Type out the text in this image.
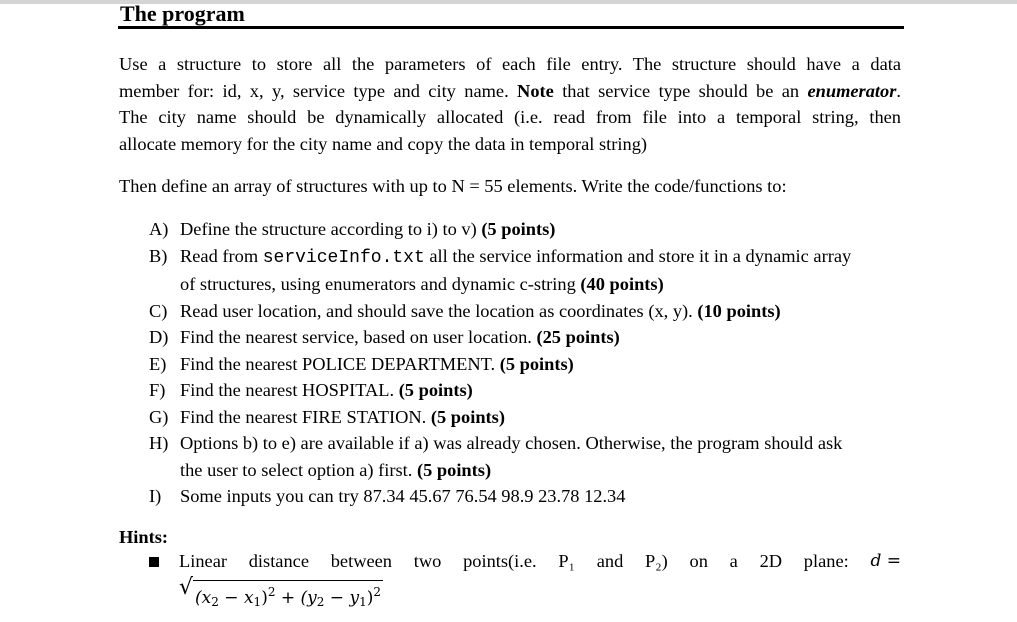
The program
Use a structure to store all the parameters of each file entry. The structure should have a data
member for: id, x, y, service type and city name. Note that service type should be an enumerator.
The city name should be dynamically allocated (i.e. read from file into a temporal string, then
allocate memory for the city name and copy the data in temporal string)
Then define an array of structures with up to N = 55 elements. Write the code/functions to:
A) Define the structure according to i) to v) (5 points)
B) Read from serviceInfo.txt all the service information and store it in a dynamic array
of structures, using enumerators and dynamic c-string (40 points)
C) Read user location, and should save the location as coordinates (x, y). (10 points)
D) Find the nearest service, based on user location. (25 points)
E) Find the nearest POLICE DEPARTMENT. (5 points)
F) Find the nearest HOSPITAL. (5 points)
G) Find the nearest FIRE STATION. (5 points)
H) Options b) to e) are available if a) was already chosen. Otherwise, the program should ask
the user to select option a) first. (5 points)
I) Some inputs you can try 87.34 45.67 76.54 98.9 23.78 12.34
Hints:
Linear distance between two points(i.e. P₁ and P₂) on a 2D plane: d =
√ $(x2 - x1)^2 + (y2 - y1)^2$
